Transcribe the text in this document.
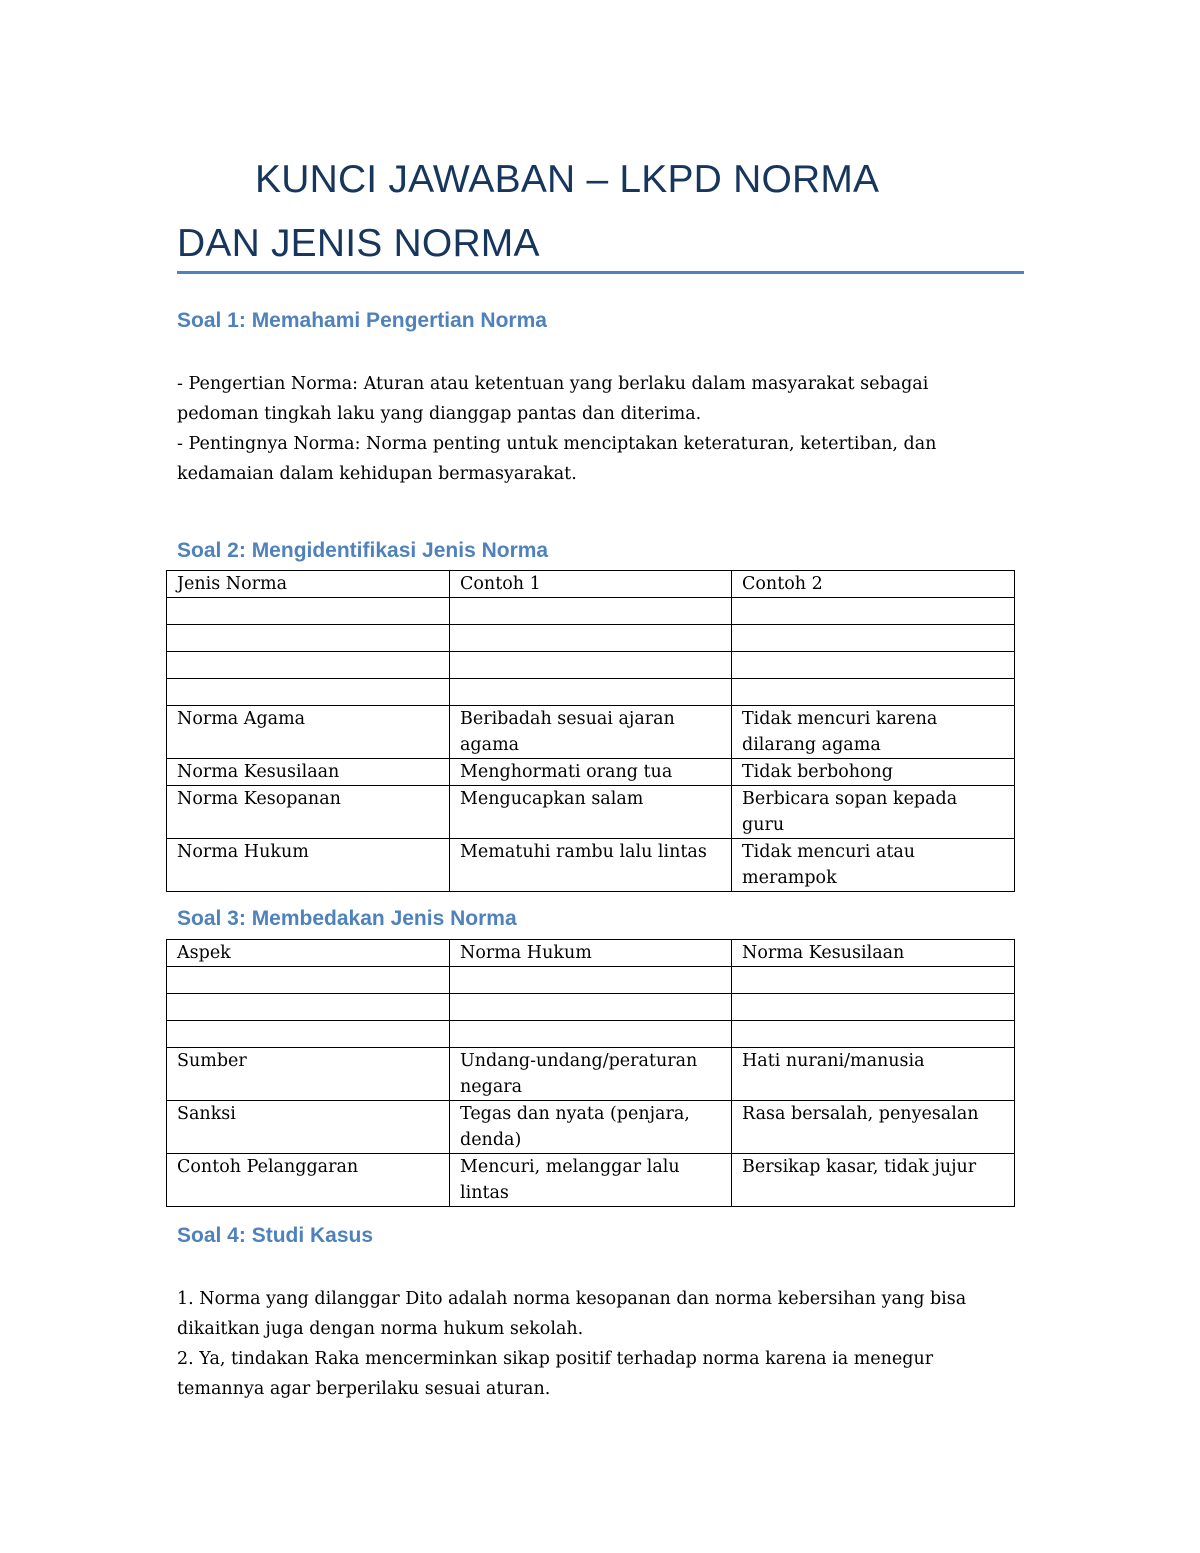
KUNCI JAWABAN – LKPD NORMA
DAN JENIS NORMA
Soal 1: Memahami Pengertian Norma
- Pengertian Norma: Aturan atau ketentuan yang berlaku dalam masyarakat sebagai
pedoman tingkah laku yang dianggap pantas dan diterima.
- Pentingnya Norma: Norma penting untuk menciptakan keteraturan, ketertiban, dan
kedamaian dalam kehidupan bermasyarakat.
Soal 2: Mengidentifikasi Jenis Norma
Jenis Norma	Contoh 1	Contoh 2

Norma Agama	Beribadah sesuai ajaran agama	Tidak mencuri karena dilarang agama
Norma Kesusilaan	Menghormati orang tua	Tidak berbohong
Norma Kesopanan	Mengucapkan salam	Berbicara sopan kepada guru
Norma Hukum	Mematuhi rambu lalu lintas	Tidak mencuri atau merampok
Soal 3: Membedakan Jenis Norma
Aspek	Norma Hukum	Norma Kesusilaan

Sumber	Undang-undang/peraturan negara	Hati nurani/manusia
Sanksi	Tegas dan nyata (penjara, denda)	Rasa bersalah, penyesalan
Contoh Pelanggaran	Mencuri, melanggar lalu lintas	Bersikap kasar, tidak jujur
Soal 4: Studi Kasus
1. Norma yang dilanggar Dito adalah norma kesopanan dan norma kebersihan yang bisa
dikaitkan juga dengan norma hukum sekolah.
2. Ya, tindakan Raka mencerminkan sikap positif terhadap norma karena ia menegur
temannya agar berperilaku sesuai aturan.
